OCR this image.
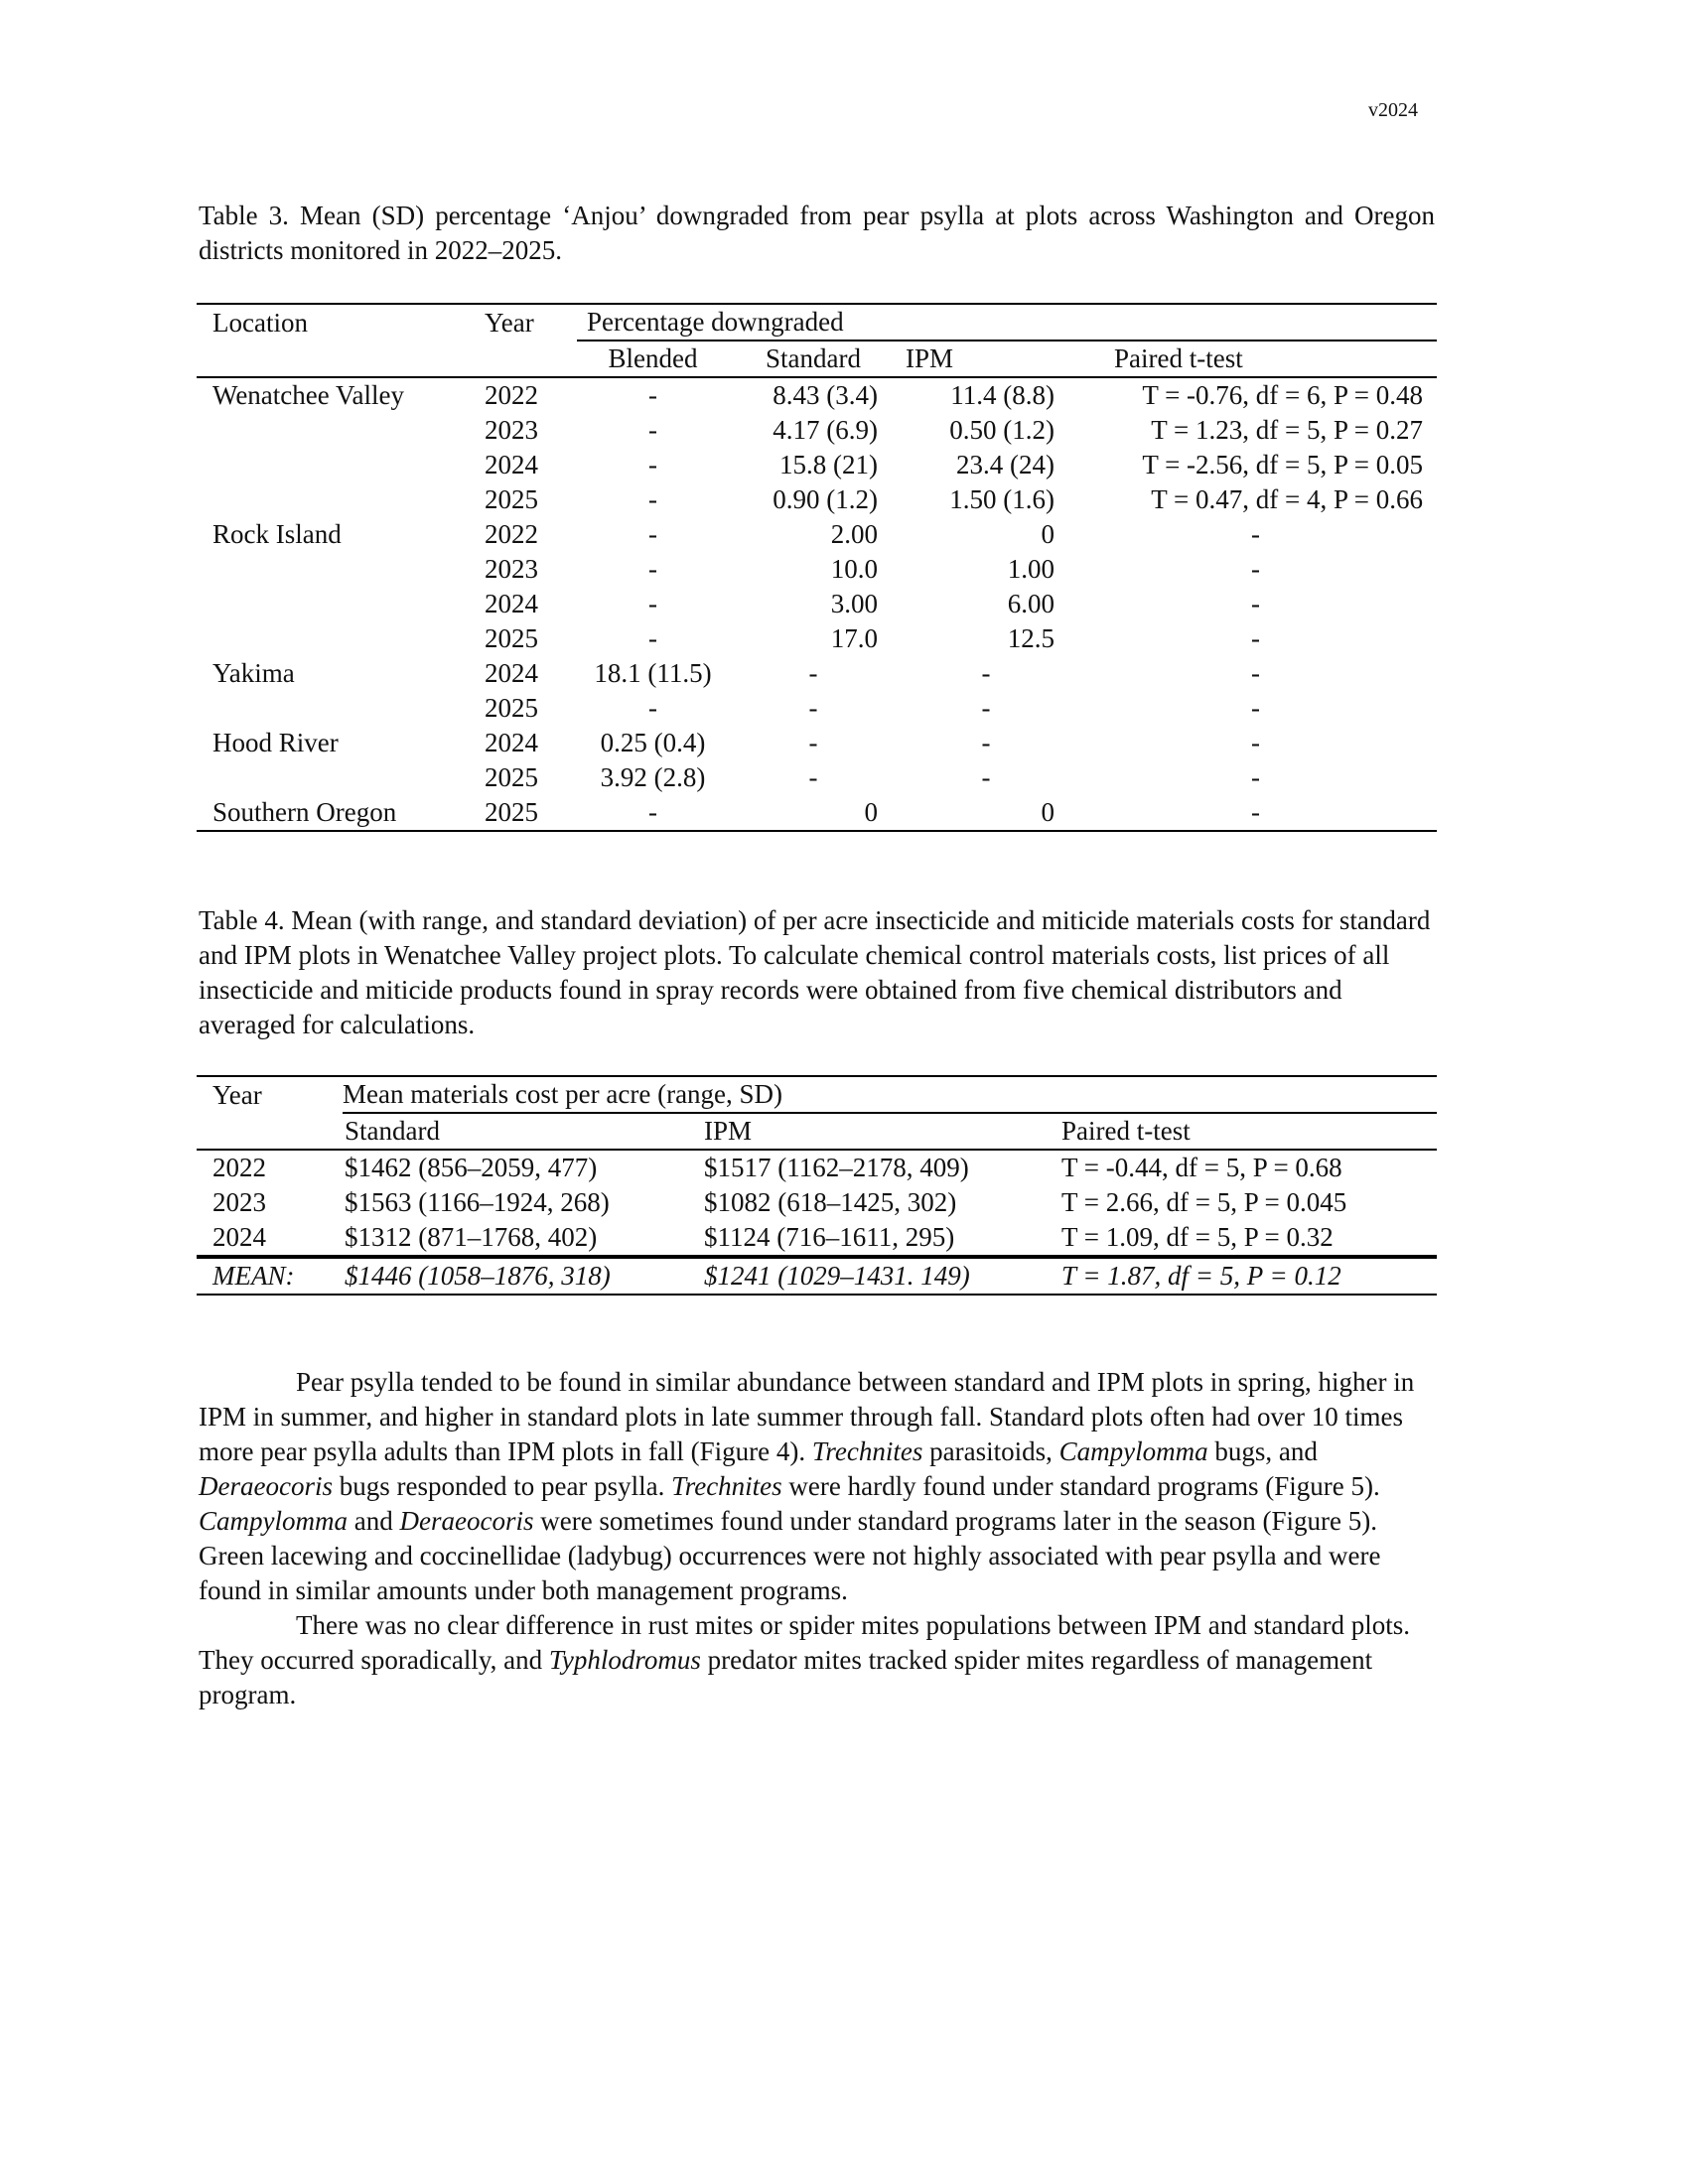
v2024
Table 3. Mean (SD) percentage ‘Anjou’ downgraded from pear psylla at plots across Washington and Oregon districts monitored in 2022–2025.
Location	Year	Percentage downgraded			
		Blended	Standard	IPM	Paired t-test
Wenatchee Valley	2022	-	8.43 (3.4)	11.4 (8.8)	T = -0.76, df = 6, P = 0.48
	2023	-	4.17 (6.9)	0.50 (1.2)	T = 1.23, df = 5, P = 0.27
	2024	-	15.8 (21)	23.4 (24)	T = -2.56, df = 5, P = 0.05
	2025	-	0.90 (1.2)	1.50 (1.6)	T = 0.47, df = 4, P = 0.66
Rock Island	2022	-	2.00	0	-
	2023	-	10.0	1.00	-
	2024	-	3.00	6.00	-
	2025	-	17.0	12.5	-
Yakima	2024	18.1 (11.5)	-	-	-
	2025	-	-	-	-
Hood River	2024	0.25 (0.4)	-	-	-
	2025	3.92 (2.8)	-	-	-
Southern Oregon	2025	-	0	0	-
Table 4. Mean (with range, and standard deviation) of per acre insecticide and miticide materials costs for standard and IPM plots in Wenatchee Valley project plots. To calculate chemical control materials costs, list prices of all insecticide and miticide products found in spray records were obtained from five chemical distributors and averaged for calculations.
Year	Mean materials cost per acre (range, SD)		
	Standard	IPM	Paired t-test
2022	$1462 (856–2059, 477)	$1517 (1162–2178, 409)	T = -0.44, df = 5, P = 0.68
2023	$1563 (1166–1924, 268)	$1082 (618–1425, 302)	T = 2.66, df = 5, P = 0.045
2024	$1312 (871–1768, 402)	$1124 (716–1611, 295)	T = 1.09, df = 5, P = 0.32
MEAN:	$1446 (1058–1876, 318)	$1241 (1029–1431. 149)	T = 1.87, df = 5, P = 0.12

Pear psylla tended to be found in similar abundance between standard and IPM plots in spring, higher in IPM in summer, and higher in standard plots in late summer through fall. Standard plots often had over 10 times more pear psylla adults than IPM plots in fall (Figure 4). Trechnites parasitoids, Campylomma bugs, and Deraeocoris bugs responded to pear psylla. Trechnites were hardly found under standard programs (Figure 5). Campylomma and Deraeocoris were sometimes found under standard programs later in the season (Figure 5). Green lacewing and coccinellidae (ladybug) occurrences were not highly associated with pear psylla and were found in similar amounts under both management programs.

There was no clear difference in rust mites or spider mites populations between IPM and standard plots. They occurred sporadically, and Typhlodromus predator mites tracked spider mites regardless of management program.
